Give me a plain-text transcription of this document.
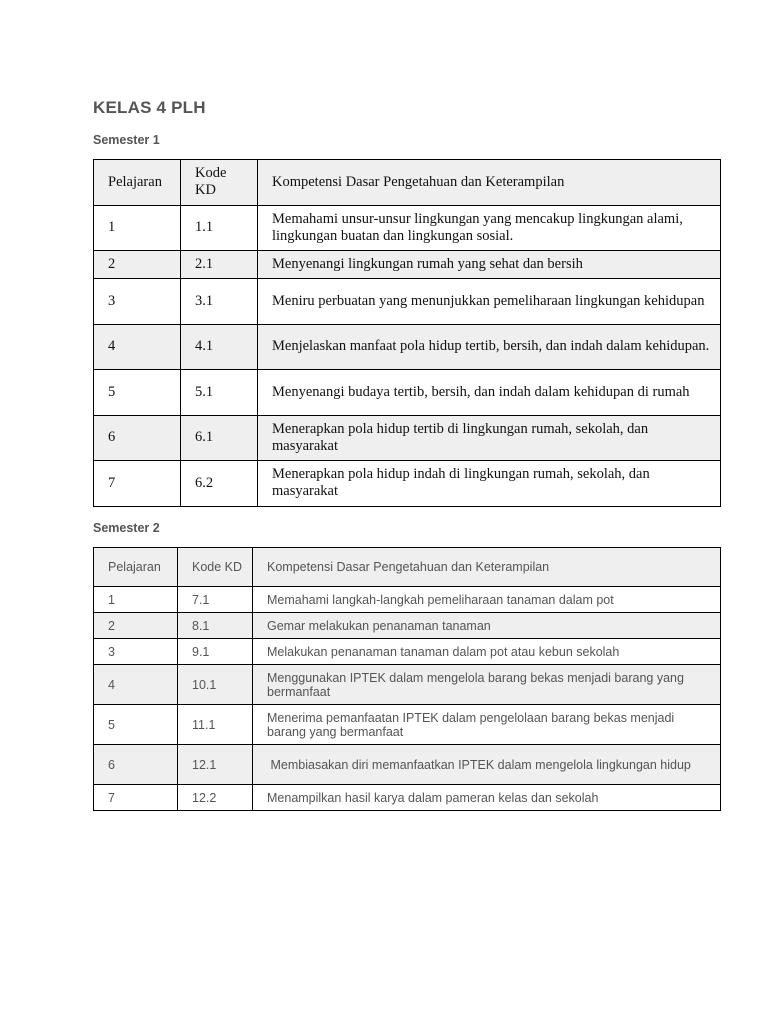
KELAS 4 PLH
Semester 1
Pelajaran	Kode KD	Kompetensi Dasar Pengetahuan dan Keterampilan
1	1.1	Memahami unsur-unsur lingkungan yang mencakup lingkungan alami, lingkungan buatan dan lingkungan sosial.
2	2.1	Menyenangi lingkungan rumah yang sehat dan bersih
3	3.1	Meniru perbuatan yang menunjukkan pemeliharaan lingkungan kehidupan
4	4.1	Menjelaskan manfaat pola hidup tertib, bersih, dan indah dalam kehidupan.
5	5.1	Menyenangi budaya tertib, bersih, dan indah dalam kehidupan di rumah
6	6.1	Menerapkan pola hidup tertib di lingkungan rumah, sekolah, dan masyarakat
7	6.2	Menerapkan pola hidup indah di lingkungan rumah, sekolah, dan masyarakat
Semester 2
Pelajaran	Kode KD	Kompetensi Dasar Pengetahuan dan Keterampilan
1	7.1	Memahami langkah-langkah pemeliharaan tanaman dalam pot
2	8.1	Gemar melakukan penanaman tanaman
3	9.1	Melakukan penanaman tanaman dalam pot atau kebun sekolah
4	10.1	Menggunakan IPTEK dalam mengelola barang bekas menjadi barang yang bermanfaat
5	11.1	Menerima pemanfaatan IPTEK dalam pengelolaan barang bekas menjadi barang yang bermanfaat
6	12.1	Membiasakan diri memanfaatkan IPTEK dalam mengelola lingkungan hidup
7	12.2	Menampilkan hasil karya dalam pameran kelas dan sekolah
